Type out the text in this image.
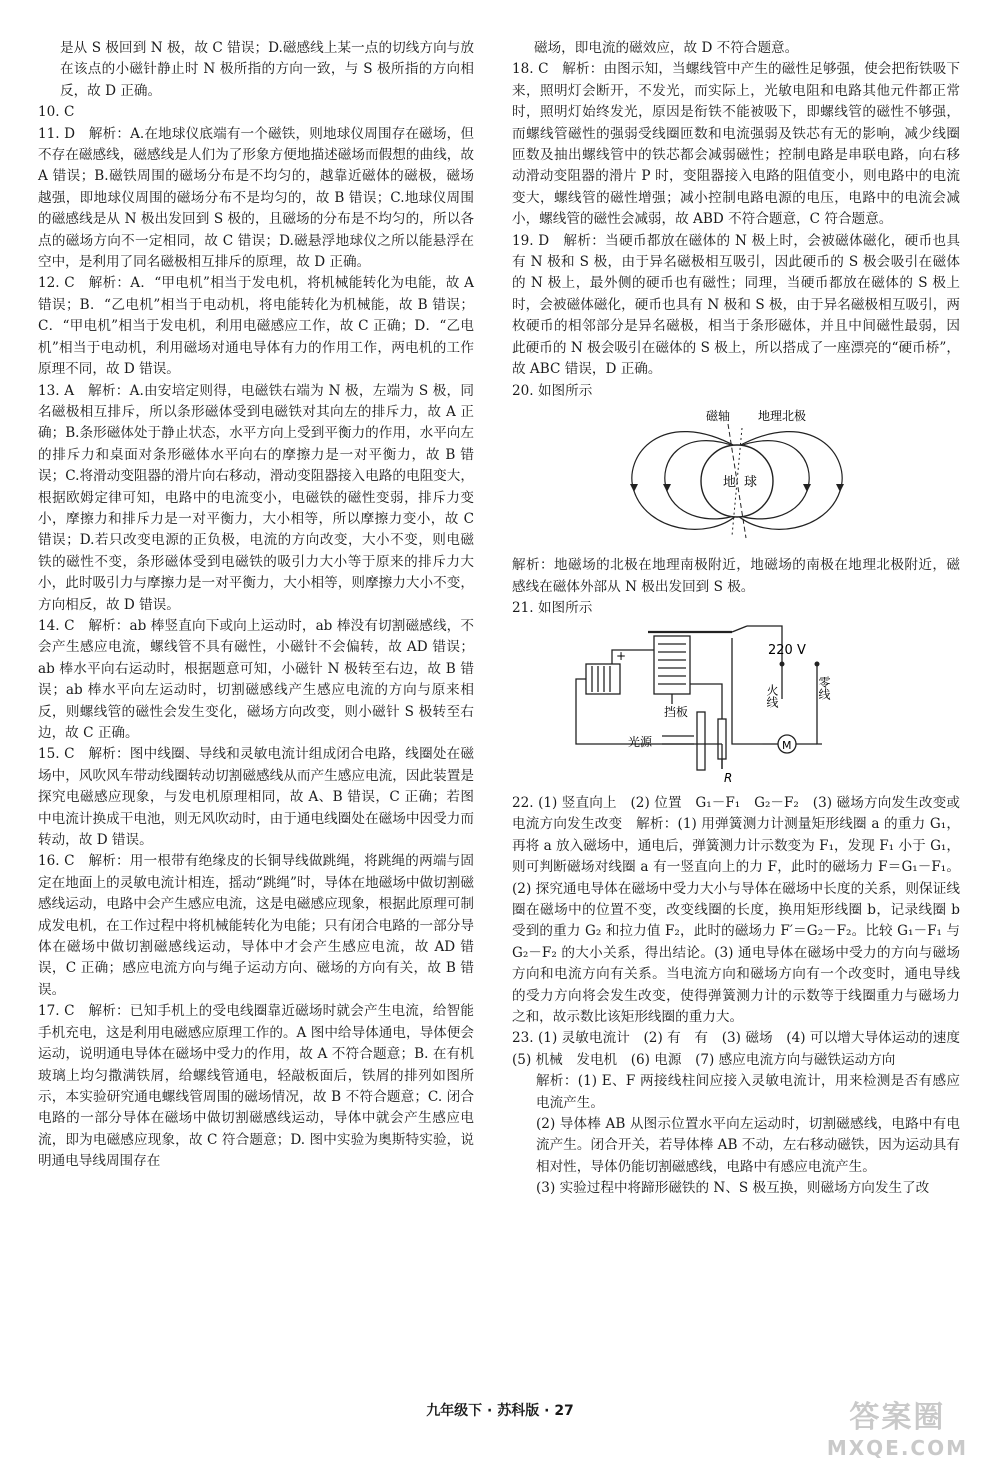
是从 S 极回到 N 极，故 C 错误；D.磁感线上某一点的切线方向与放在该点的小磁针静止时 N 极所指的方向一致，与 S 极所指的方向相反，故 D 正确。
10. C
11. D　解析：A.在地球仪底端有一个磁铁，则地球仪周围存在磁场，但不存在磁感线，磁感线是人们为了形象方便地描述磁场而假想的曲线，故 A 错误；B.磁铁周围的磁场分布是不均匀的，越靠近磁体的磁极，磁场越强，即地球仪周围的磁场分布不是均匀的，故 B 错误；C.地球仪周围的磁感线是从 N 极出发回到 S 极的，且磁场的分布是不均匀的，所以各点的磁场方向不一定相同，故 C 错误；D.磁悬浮地球仪之所以能悬浮在空中，是利用了同名磁极相互排斥的原理，故 D 正确。
12. C　解析：A．“甲电机”相当于发电机，将机械能转化为电能，故 A 错误；B．“乙电机”相当于电动机，将电能转化为机械能，故 B 错误；C．“甲电机”相当于发电机，利用电磁感应工作，故 C 正确；D．“乙电机”相当于电动机，利用磁场对通电导体有力的作用工作，两电机的工作原理不同，故 D 错误。
13. A　解析：A.由安培定则得，电磁铁右端为 N 极，左端为 S 极，同名磁极相互排斥，所以条形磁体受到电磁铁对其向左的排斥力，故 A 正确；B.条形磁体处于静止状态，水平方向上受到平衡力的作用，水平向左的排斥力和桌面对条形磁体水平向右的摩擦力是一对平衡力，故 B 错误；C.将滑动变阻器的滑片向右移动，滑动变阻器接入电路的电阻变大，根据欧姆定律可知，电路中的电流变小，电磁铁的磁性变弱，排斥力变小，摩擦力和排斥力是一对平衡力，大小相等，所以摩擦力变小，故 C 错误；D.若只改变电源的正负极，电流的方向改变，大小不变，则电磁铁的磁性不变，条形磁体受到电磁铁的吸引力大小等于原来的排斥力大小，此时吸引力与摩擦力是一对平衡力，大小相等，则摩擦力大小不变，方向相反，故 D 错误。
14. C　解析：ab 棒竖直向下或向上运动时，ab 棒没有切割磁感线，不会产生感应电流，螺线管不具有磁性，小磁针不会偏转，故 AD 错误；ab 棒水平向右运动时，根据题意可知，小磁针 N 极转至右边，故 B 错误；ab 棒水平向左运动时，切割磁感线产生感应电流的方向与原来相反，则螺线管的磁性会发生变化，磁场方向改变，则小磁针 S 极转至右边，故 C 正确。
15. C　解析：图中线圈、导线和灵敏电流计组成闭合电路，线圈处在磁场中，风吹风车带动线圈转动切割磁感线从而产生感应电流，因此装置是探究电磁感应现象，与发电机原理相同，故 A、B 错误，C 正确；若图中电流计换成干电池，则无风吹动时，由于通电线圈处在磁场中因受力而转动，故 D 错误。
16. C　解析：用一根带有绝缘皮的长铜导线做跳绳，将跳绳的两端与固定在地面上的灵敏电流计相连，摇动“跳绳”时，导体在地磁场中做切割磁感线运动，电路中会产生感应电流，这是电磁感应现象，根据此原理可制成发电机，在工作过程中将机械能转化为电能；只有闭合电路的一部分导体在磁场中做切割磁感线运动，导体中才会产生感应电流，故 AD 错误，C 正确；感应电流方向与绳子运动方向、磁场的方向有关，故 B 错误。
17. C　解析：已知手机上的受电线圈靠近磁场时就会产生电流，给智能手机充电，这是利用电磁感应原理工作的。A 图中给导体通电，导体便会运动，说明通电导体在磁场中受力的作用，故 A 不符合题意；B. 在有机玻璃上均匀撒满铁屑，给螺线管通电，轻敲板面后，铁屑的排列如图所示，本实验研究通电螺线管周围的磁场情况，故 B 不符合题意；C. 闭合电路的一部分导体在磁场中做切割磁感线运动，导体中就会产生感应电流，即为电磁感应现象，故 C 符合题意；D. 图中实验为奥斯特实验，说明通电导线周围存在
磁场，即电流的磁效应，故 D 不符合题意。
18. C　解析：由图示知，当螺线管中产生的磁性足够强，使会把衔铁吸下来，照明灯会断开，不发光，而实际上，光敏电阻和电路其他元件都正常时，照明灯始终发光，原因是衔铁不能被吸下，即螺线管的磁性不够强，而螺线管磁性的强弱受线圈匝数和电流强弱及铁芯有无的影响，减少线圈匝数及抽出螺线管中的铁芯都会减弱磁性；控制电路是串联电路，向右移动滑动变阻器的滑片 P 时，变阻器接入电路的阻值变小，则电路中的电流变大，螺线管的磁性增强；减小控制电路电源的电压，电路中的电流会减小，螺线管的磁性会减弱，故 ABD 不符合题意，C 符合题意。
19. D　解析：当硬币都放在磁体的 N 极上时，会被磁体磁化，硬币也具有 N 极和 S 极，由于异名磁极相互吸引，因此硬币的 S 极会吸引在磁体的 N 极上，最外侧的硬币也有磁性；同理，当硬币都放在磁体的 S 极上时，会被磁体磁化，硬币也具有 N 极和 S 极，由于异名磁极相互吸引，两枚硬币的相邻部分是异名磁极，相当于条形磁体，并且中间磁性最弱，因此硬币的 N 极会吸引在磁体的 S 极上，所以搭成了一座漂亮的“硬币桥”，故 ABC 错误，D 正确。
20. 如图所示
地 球
磁轴 地理北极
解析：地磁场的北极在地理南极附近，地磁场的南极在地理北极附近，磁感线在磁体外部从 N 极出发回到 S 极。
21. 如图所示
220 V
火线	零线
挡板
光源
R
M
+
22. (1) 竖直向上　(2) 位置　G₁－F₁　G₂－F₂　(3) 磁场方向发生改变或电流方向发生改变　解析：(1) 用弹簧测力计测量矩形线圈 a 的重力 G₁，再将 a 放入磁场中，通电后，弹簧测力计示数变为 F₁，发现 F₁ 小于 G₁，则可判断磁场对线圈 a 有一竖直向上的力 F，此时的磁场力 F＝G₁－F₁。(2) 探究通电导体在磁场中受力大小与导体在磁场中长度的关系，则保证线圈在磁场中的位置不变，改变线圈的长度，换用矩形线圈 b，记录线圈 b 受到的重力 G₂ 和拉力值 F₂，此时的磁场力 F′＝G₂－F₂。比较 G₁－F₁ 与 G₂－F₂ 的大小关系，得出结论。(3) 通电导体在磁场中受力的方向与磁场方向和电流方向有关系。当电流方向和磁场方向有一个改变时，通电导线的受力方向将会发生改变，使得弹簧测力计的示数等于线圈重力与磁场力之和，故示数比该矩形线圈的重力大。
23. (1) 灵敏电流计　(2) 有　有　(3) 磁场　(4) 可以增大导体运动的速度　(5) 机械　发电机　(6) 电源　(7) 感应电流方向与磁铁运动方向
解析：(1) E、F 两接线柱间应接入灵敏电流计，用来检测是否有感应电流产生。
(2) 导体棒 AB 从图示位置水平向左运动时，切割磁感线，电路中有电流产生。闭合开关，若导体棒 AB 不动，左右移动磁铁，因为运动具有相对性，导体仍能切割磁感线，电路中有感应电流产生。
(3) 实验过程中将蹄形磁铁的 N、S 极互换，则磁场方向发生了改
九年级下 · 苏科版 · 27	答案圈
MXQE.COM
